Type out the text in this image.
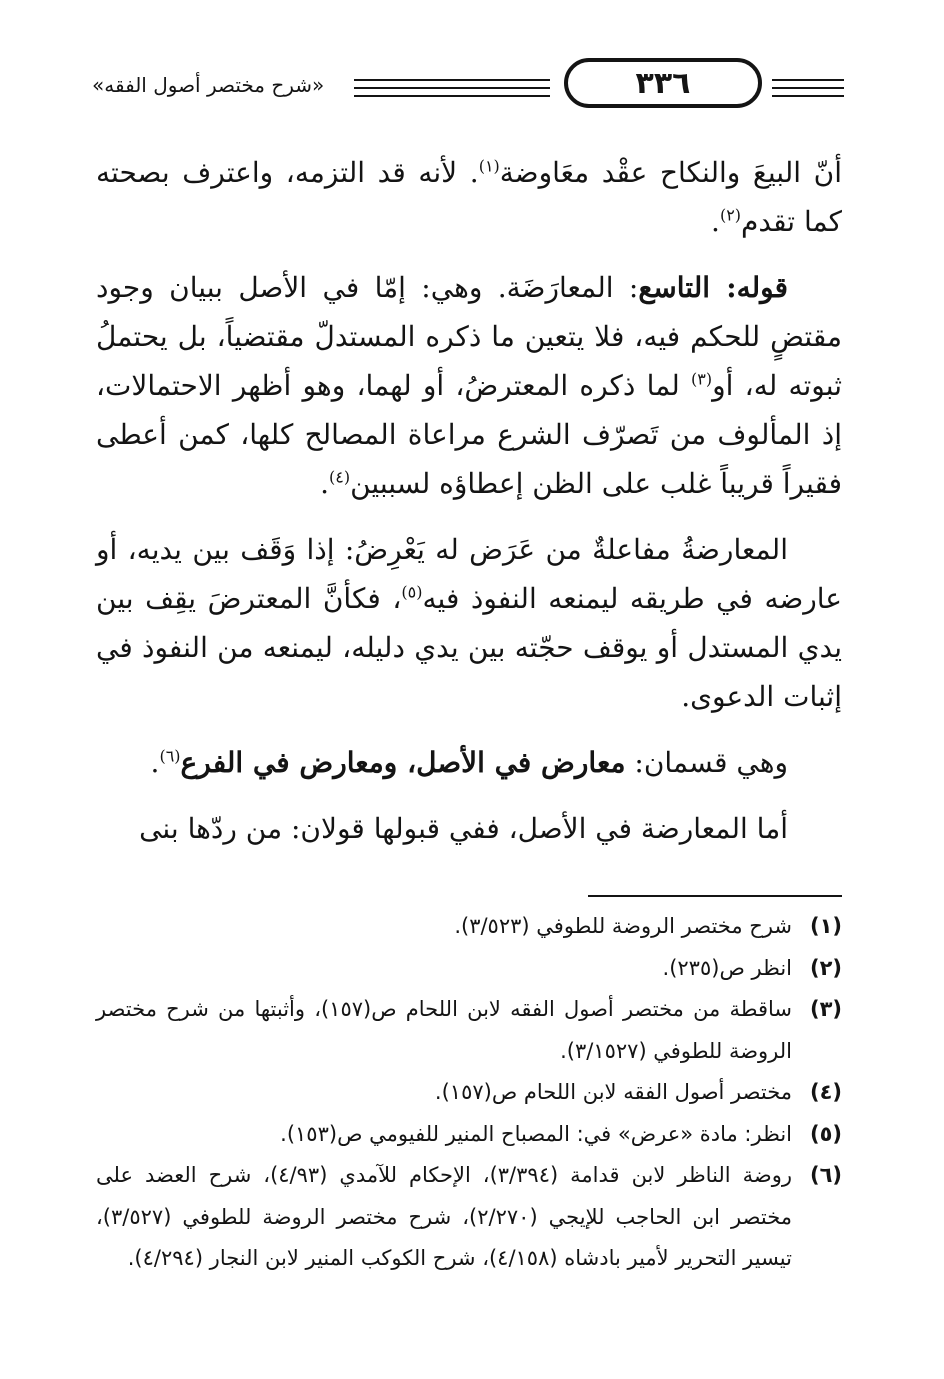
«شرح مختصر أصول الفقه»	٣٣٦

أنّ البيعَ والنكاح عقْد معَاوضة$^{(١)}$. لأنه قد التزمه، واعترف بصحته كما تقدم$^{(٢)}$.

قوله: التاسع: المعارَضَة. وهي: إمّا في الأصل ببيان وجود مقتضٍ للحكم فيه، فلا يتعين ما ذكره المستدلّ مقتضياً، بل يحتملُ ثبوته له، أو$^{(٣)}$ لما ذكره المعترضُ، أو لهما، وهو أظهر الاحتمالات، إذ المألوف من تَصرّف الشرع مراعاة المصالح كلها، كمن أعطى فقيراً قريباً غلب على الظن إعطاؤه لسببين$^{(٤)}$.

المعارضةُ مفاعلةٌ من عَرَض له يَعْرِضُ: إذا وَقَف بين يديه، أو عارضه في طريقه ليمنعه النفوذ فيه$^{(٥)}$، فكأنَّ المعترضَ يقِف بين يدي المستدل أو يوقف حجّته بين يدي دليله، ليمنعه من النفوذ في إثبات الدعوى.

وهي قسمان: معارض في الأصل، ومعارض في الفرع$^{(٦)}$.

أما المعارضة في الأصل، ففي قبولها قولان: من ردّها بنى

(١)
شرح مختصر الروضة للطوفي (٣/٥٢٣).
(٢)
انظر ص(٢٣٥).
(٣)
ساقطة من مختصر أصول الفقه لابن اللحام ص(١٥٧)، وأثبتها من شرح مختصر الروضة للطوفي (٣/١٥٢٧).
(٤)
مختصر أصول الفقه لابن اللحام ص(١٥٧).
(٥)
انظر: مادة «عرض» في: المصباح المنير للفيومي ص(١٥٣).
(٦)
روضة الناظر لابن قدامة (٣/٣٩٤)، الإحكام للآمدي (٤/٩٣)، شرح العضد على مختصر ابن الحاجب للإيجي (٢/٢٧٠)، شرح مختصر الروضة للطوفي (٣/٥٢٧)، تيسير التحرير لأمير بادشاه (٤/١٥٨)، شرح الكوكب المنير لابن النجار (٤/٢٩٤).
